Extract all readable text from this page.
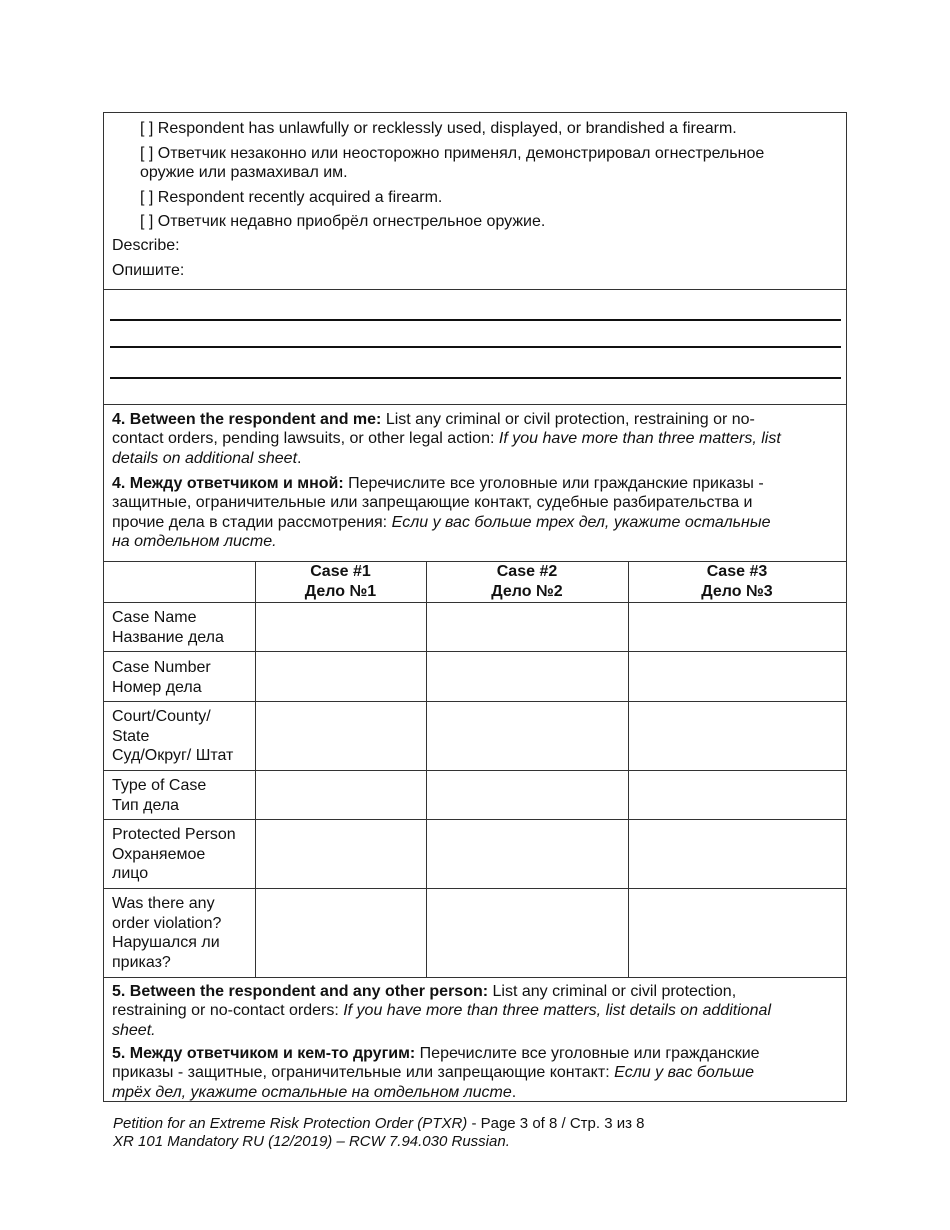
[ ] Respondent has unlawfully or recklessly used, displayed, or brandished a firearm.
[ ] Ответчик незаконно или неосторожно применял, демонстрировал огнестрельное
оружие или размахивал им.
[ ] Respondent recently acquired a firearm.
[ ] Ответчик недавно приобрёл огнестрельное оружие.
Describe:
Опишите:
4. Between the respondent and me: List any criminal or civil protection, restraining or no-
contact orders, pending lawsuits, or other legal action: If you have more than three matters, list
details on additional sheet.
4. Между ответчиком и мной: Перечислите все уголовные или гражданские приказы -
защитные, ограничительные или запрещающие контакт, судебные разбирательства и
прочие дела в стадии рассмотрения: Если у вас больше трех дел, укажите остальные
на отдельном листе.
Case #1
Дело №1
Case #2
Дело №2
Case #3
Дело №3
Case Name
Название дела
Case Number
Номер дела
Court/County/
State
Суд/Округ/ Штат
Type of Case
Тип дела
Protected Person
Охраняемое
лицо
Was there any
order violation?
Нарушался ли
приказ?
5. Between the respondent and any other person: List any criminal or civil protection,
restraining or no-contact orders: If you have more than three matters, list details on additional
sheet.
5. Между ответчиком и кем-то другим: Перечислите все уголовные или гражданские
приказы - защитные, ограничительные или запрещающие контакт: Если у вас больше
трёх дел, укажите остальные на отдельном листе.
Petition for an Extreme Risk Protection Order (PTXR) - Page 3 of 8 / Стр. 3 из 8
XR 101 Mandatory RU (12/2019) – RCW 7.94.030 Russian.
